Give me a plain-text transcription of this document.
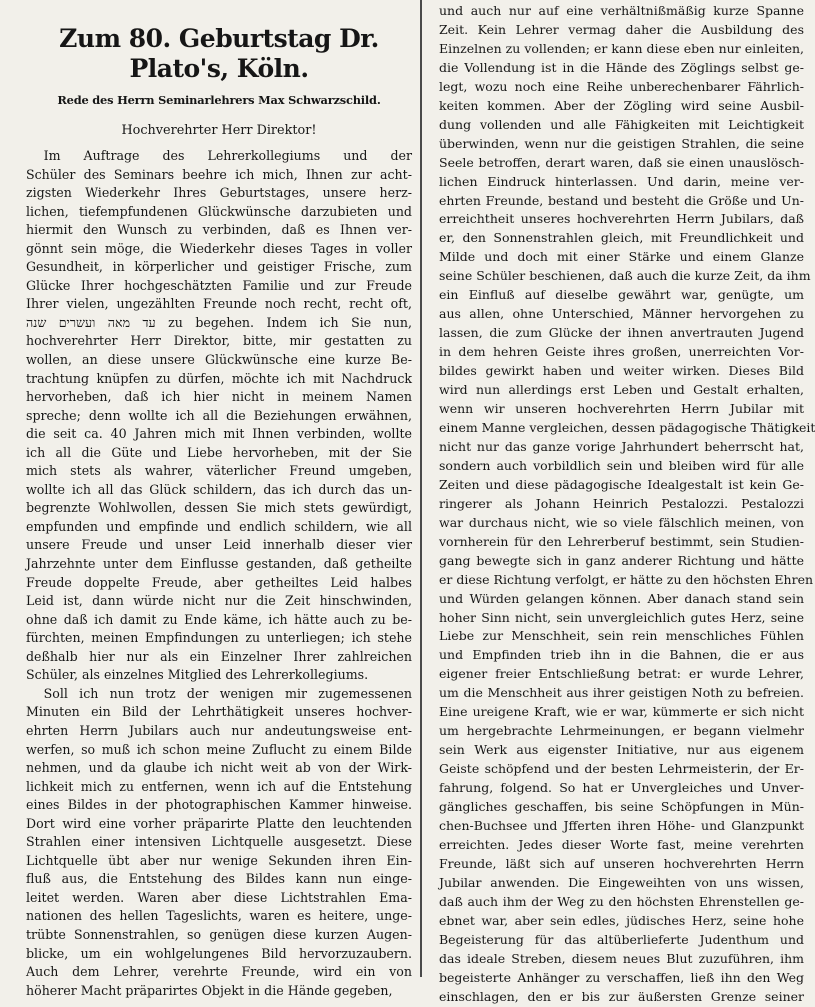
Zum 80. Geburtstag Dr. Plato's, Köln.
Rede des Herrn Seminarlehrers Max Schwarzschild.
Hochverehrter Herr Direktor!
Im Auftrage des Lehrerkollegiums und der
Schüler des Seminars beehre ich mich, Ihnen zur acht-
zigsten Wiederkehr Ihres Geburtstages, unsere herz-
lichen, tiefempfundenen Glückwünsche darzubieten und
hiermit den Wunsch zu verbinden, daß es Ihnen ver-
gönnt sein möge, die Wiederkehr dieses Tages in voller
Gesundheit, in körperlicher und geistiger Frische, zum
Glücke Ihrer hochgeschätzten Familie und zur Freude
Ihrer vielen, ungezählten Freunde noch recht, recht oft,
עד מאה ועשרים שנה zu begehen. Indem ich Sie nun,
hochverehrter Herr Direktor, bitte, mir gestatten zu
wollen, an diese unsere Glückwünsche eine kurze Be-
trachtung knüpfen zu dürfen, möchte ich mit Nachdruck
hervorheben, daß ich hier nicht in meinem Namen
spreche; denn wollte ich all die Beziehungen erwähnen,
die seit ca. 40 Jahren mich mit Ihnen verbinden, wollte
ich all die Güte und Liebe hervorheben, mit der Sie
mich stets als wahrer, väterlicher Freund umgeben,
wollte ich all das Glück schildern, das ich durch das un-
begrenzte Wohlwollen, dessen Sie mich stets gewürdigt,
empfunden und empfinde und endlich schildern, wie all
unsere Freude und unser Leid innerhalb dieser vier
Jahrzehnte unter dem Einflusse gestanden, daß getheilte
Freude doppelte Freude, aber getheiltes Leid halbes
Leid ist, dann würde nicht nur die Zeit hinschwinden,
ohne daß ich damit zu Ende käme, ich hätte auch zu be-
fürchten, meinen Empfindungen zu unterliegen; ich stehe
deßhalb hier nur als ein Einzelner Ihrer zahlreichen
Schüler, als einzelnes Mitglied des Lehrerkollegiums.
Soll ich nun trotz der wenigen mir zugemessenen
Minuten ein Bild der Lehrthätigkeit unseres hochver-
ehrten Herrn Jubilars auch nur andeutungsweise ent-
werfen, so muß ich schon meine Zuflucht zu einem Bilde
nehmen, und da glaube ich nicht weit ab von der Wirk-
lichkeit mich zu entfernen, wenn ich auf die Entstehung
eines Bildes in der photographischen Kammer hinweise.
Dort wird eine vorher präparirte Platte den leuchtenden
Strahlen einer intensiven Lichtquelle ausgesetzt. Diese
Lichtquelle übt aber nur wenige Sekunden ihren Ein-
fluß aus, die Entstehung des Bildes kann nun einge-
leitet werden. Waren aber diese Lichtstrahlen Ema-
nationen des hellen Tageslichts, waren es heitere, unge-
trübte Sonnenstrahlen, so genügen diese kurzen Augen-
blicke, um ein wohlgelungenes Bild hervorzuzaubern.
Auch dem Lehrer, verehrte Freunde, wird ein von
höherer Macht präparirtes Objekt in die Hände gegeben,
und auch nur auf eine verhältnißmäßig kurze Spanne
Zeit. Kein Lehrer vermag daher die Ausbildung des
Einzelnen zu vollenden; er kann diese eben nur einleiten,
die Vollendung ist in die Hände des Zöglings selbst ge-
legt, wozu noch eine Reihe unberechenbarer Fährlich-
keiten kommen. Aber der Zögling wird seine Ausbil-
dung vollenden und alle Fähigkeiten mit Leichtigkeit
überwinden, wenn nur die geistigen Strahlen, die seine
Seele betroffen, derart waren, daß sie einen unauslösch-
lichen Eindruck hinterlassen. Und darin, meine ver-
ehrten Freunde, bestand und besteht die Größe und Un-
erreichtheit unseres hochverehrten Herrn Jubilars, daß
er, den Sonnenstrahlen gleich, mit Freundlichkeit und
Milde und doch mit einer Stärke und einem Glanze
seine Schüler beschienen, daß auch die kurze Zeit, da ihm
ein Einfluß auf dieselbe gewährt war, genügte, um
aus allen, ohne Unterschied, Männer hervorgehen zu
lassen, die zum Glücke der ihnen anvertrauten Jugend
in dem hehren Geiste ihres großen, unerreichten Vor-
bildes gewirkt haben und weiter wirken. Dieses Bild
wird nun allerdings erst Leben und Gestalt erhalten,
wenn wir unseren hochverehrten Herrn Jubilar mit
einem Manne vergleichen, dessen pädagogische Thätigkeit
nicht nur das ganze vorige Jahrhundert beherrscht hat,
sondern auch vorbildlich sein und bleiben wird für alle
Zeiten und diese pädagogische Idealgestalt ist kein Ge-
ringerer als Johann Heinrich Pestalozzi. Pestalozzi
war durchaus nicht, wie so viele fälschlich meinen, von
vornherein für den Lehrerberuf bestimmt, sein Studien-
gang bewegte sich in ganz anderer Richtung und hätte
er diese Richtung verfolgt, er hätte zu den höchsten Ehren
und Würden gelangen können. Aber danach stand sein
hoher Sinn nicht, sein unvergleichlich gutes Herz, seine
Liebe zur Menschheit, sein rein menschliches Fühlen
und Empfinden trieb ihn in die Bahnen, die er aus
eigener freier Entschließung betrat: er wurde Lehrer,
um die Menschheit aus ihrer geistigen Noth zu befreien.
Eine ureigene Kraft, wie er war, kümmerte er sich nicht
um hergebrachte Lehrmeinungen, er begann vielmehr
sein Werk aus eigenster Initiative, nur aus eigenem
Geiste schöpfend und der besten Lehrmeisterin, der Er-
fahrung, folgend. So hat er Unvergleiches und Unver-
gängliches geschaffen, bis seine Schöpfungen in Mün-
chen-Buchsee und Jfferten ihren Höhe- und Glanzpunkt
erreichten. Jedes dieser Worte fast, meine verehrten
Freunde, läßt sich auf unseren hochverehrten Herrn
Jubilar anwenden. Die Eingeweihten von uns wissen,
daß auch ihm der Weg zu den höchsten Ehrenstellen ge-
ebnet war, aber sein edles, jüdisches Herz, seine hohe
Begeisterung für das altüberlieferte Judenthum und
das ideale Streben, diesem neues Blut zuzuführen, ihm
begeisterte Anhänger zu verschaffen, ließ ihn den Weg
einschlagen, den er bis zur äußersten Grenze seiner
